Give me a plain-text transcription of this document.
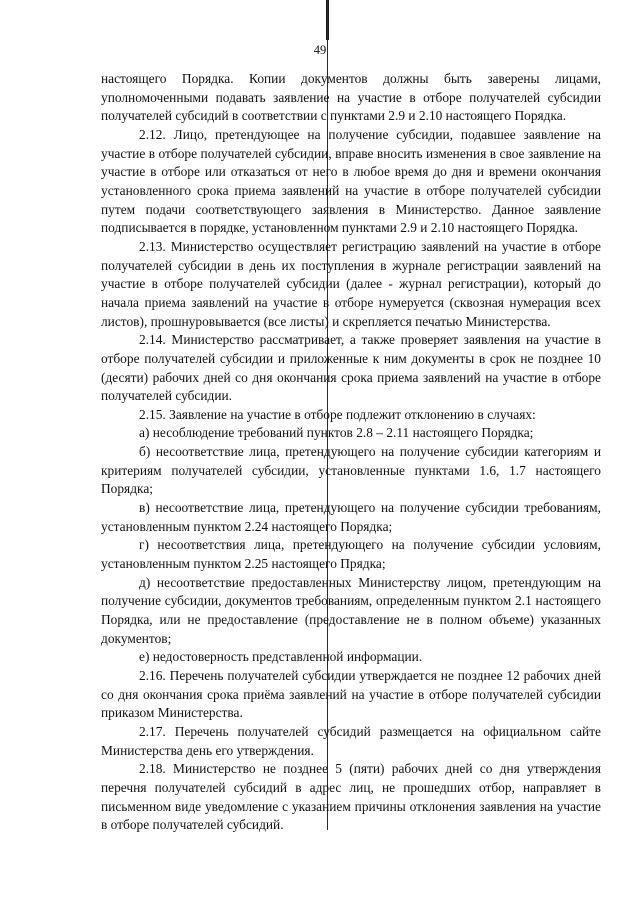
49

настоящего Порядка. Копии документов должны быть заверены лицами, уполномоченными подавать заявление на участие в отборе получателей субсидии получателей субсидий в соответствии с пунктами 2.9 и 2.10 настоящего Порядка.

2.12. Лицо, претендующее на получение субсидии, подавшее заявление на участие в отборе получателей субсидии, вправе вносить изменения в свое заявление на участие в отборе или отказаться от него в любое время до дня и времени окончания установленного срока приема заявлений на участие в отборе получателей субсидии путем подачи соответствующего заявления в Министерство. Данное заявление подписывается в порядке, установленном пунктами 2.9 и 2.10 настоящего Порядка.

2.13. Министерство осуществляет регистрацию заявлений на участие в отборе получателей субсидии в день их поступления в журнале регистрации заявлений на участие в отборе получателей субсидии (далее - журнал регистрации), который до начала приема заявлений на участие в отборе нумеруется (сквозная нумерация всех листов), прошнуровывается (все листы) и скрепляется печатью Министерства.

2.14. Министерство рассматривает, а также проверяет заявления на участие в отборе получателей субсидии и приложенные к ним документы в срок не позднее 10 (десяти) рабочих дней со дня окончания срока приема заявлений на участие в отборе получателей субсидии.

2.15. Заявление на участие в отборе подлежит отклонению в случаях:

а) несоблюдение требований пунктов 2.8 – 2.11 настоящего Порядка;

б) несоответствие лица, претендующего на получение субсидии категориям и критериям получателей субсидии, установленные пунктами 1.6, 1.7 настоящего Порядка;

в) несоответствие лица, претендующего на получение субсидии требованиям, установленным пунктом 2.24 настоящего Порядка;

г) несоответствия лица, претендующего на получение субсидии условиям, установленным пунктом 2.25 настоящего Прядка;

д) несоответствие предоставленных Министерству лицом, претендующим на получение субсидии, документов требованиям, определенным пунктом 2.1 настоящего Порядка, или не предоставление (предоставление не в полном объеме) указанных документов;

е) недостоверность представленной информации.

2.16. Перечень получателей субсидии утверждается не позднее 12 рабочих дней со дня окончания срока приёма заявлений на участие в отборе получателей субсидии приказом Министерства.

2.17. Перечень получателей субсидий размещается на официальном сайте Министерства день его утверждения.

2.18. Министерство не позднее 5 (пяти) рабочих дней со дня утверждения перечня получателей субсидий в адрес лиц, не прошедших отбор, направляет в письменном виде уведомление с указанием причины отклонения заявления на участие в отборе получателей субсидий.
